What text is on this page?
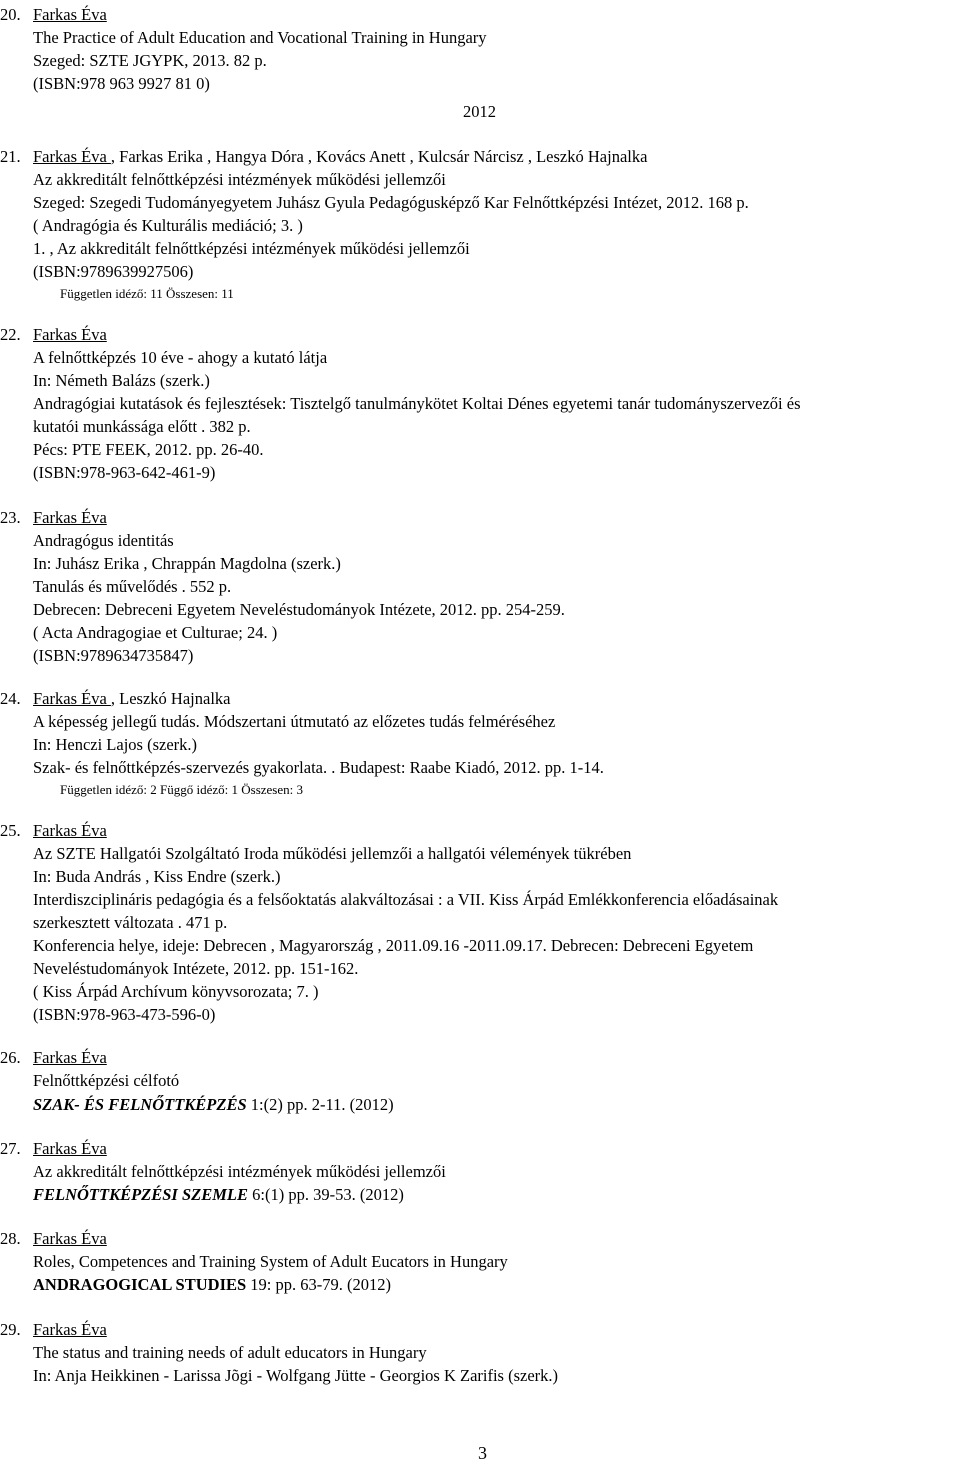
20. Farkas Éva
The Practice of Adult Education and Vocational Training in Hungary
Szeged: SZTE JGYPK, 2013. 82 p.
(ISBN:978 963 9927 81 0)
2012
21. Farkas Éva , Farkas Erika , Hangya Dóra , Kovács Anett , Kulcsár Nárcisz , Leszkó Hajnalka
Az akkreditált felnőttképzési intézmények működési jellemzői
Szeged: Szegedi Tudományegyetem Juhász Gyula Pedagógusképző Kar Felnőttképzési Intézet, 2012. 168 p.
( Andragógia és Kulturális mediáció; 3. )
1. , Az akkreditált felnőttképzési intézmények működési jellemzői
(ISBN:9789639927506)
Független idéző: 11 Összesen: 11
22. Farkas Éva
A felnőttképzés 10 éve - ahogy a kutató látja
In: Németh Balázs (szerk.)
Andragógiai kutatások és fejlesztések: Tisztelgő tanulmánykötet Koltai Dénes egyetemi tanár tudományszervezői és
kutatói munkássága előtt . 382 p.
Pécs: PTE FEEK, 2012. pp. 26-40.
(ISBN:978-963-642-461-9)
23. Farkas Éva
Andragógus identitás
In: Juhász Erika , Chrappán Magdolna (szerk.)
Tanulás és művelődés . 552 p.
Debrecen: Debreceni Egyetem Neveléstudományok Intézete, 2012. pp. 254-259.
( Acta Andragogiae et Culturae; 24. )
(ISBN:9789634735847)
24. Farkas Éva , Leszkó Hajnalka
A képesség jellegű tudás. Módszertani útmutató az előzetes tudás felméréséhez
In: Henczi Lajos (szerk.)
Szak- és felnőttképzés-szervezés gyakorlata. . Budapest: Raabe Kiadó, 2012. pp. 1-14.
Független idéző: 2 Függő idéző: 1 Összesen: 3
25. Farkas Éva
Az SZTE Hallgatói Szolgáltató Iroda működési jellemzői a hallgatói vélemények tükrében
In: Buda András , Kiss Endre (szerk.)
Interdiszciplináris pedagógia és a felsőoktatás alakváltozásai : a VII. Kiss Árpád Emlékkonferencia előadásainak
szerkesztett változata . 471 p.
Konferencia helye, ideje: Debrecen , Magyarország , 2011.09.16 -2011.09.17. Debrecen: Debreceni Egyetem
Neveléstudományok Intézete, 2012. pp. 151-162.
( Kiss Árpád Archívum könyvsorozata; 7. )
(ISBN:978-963-473-596-0)
26. Farkas Éva
Felnőttképzési célfotó
SZAK- ÉS FELNŐTTKÉPZÉS 1:(2) pp. 2-11. (2012)
27. Farkas Éva
Az akkreditált felnőttképzési intézmények működési jellemzői
FELNŐTTKÉPZÉSI SZEMLE 6:(1) pp. 39-53. (2012)
28. Farkas Éva
Roles, Competences and Training System of Adult Eucators in Hungary
ANDRAGOGICAL STUDIES 19: pp. 63-79. (2012)
29. Farkas Éva
The status and training needs of adult educators in Hungary
In: Anja Heikkinen - Larissa Jõgi - Wolfgang Jütte - Georgios K Zarifis (szerk.)
3
